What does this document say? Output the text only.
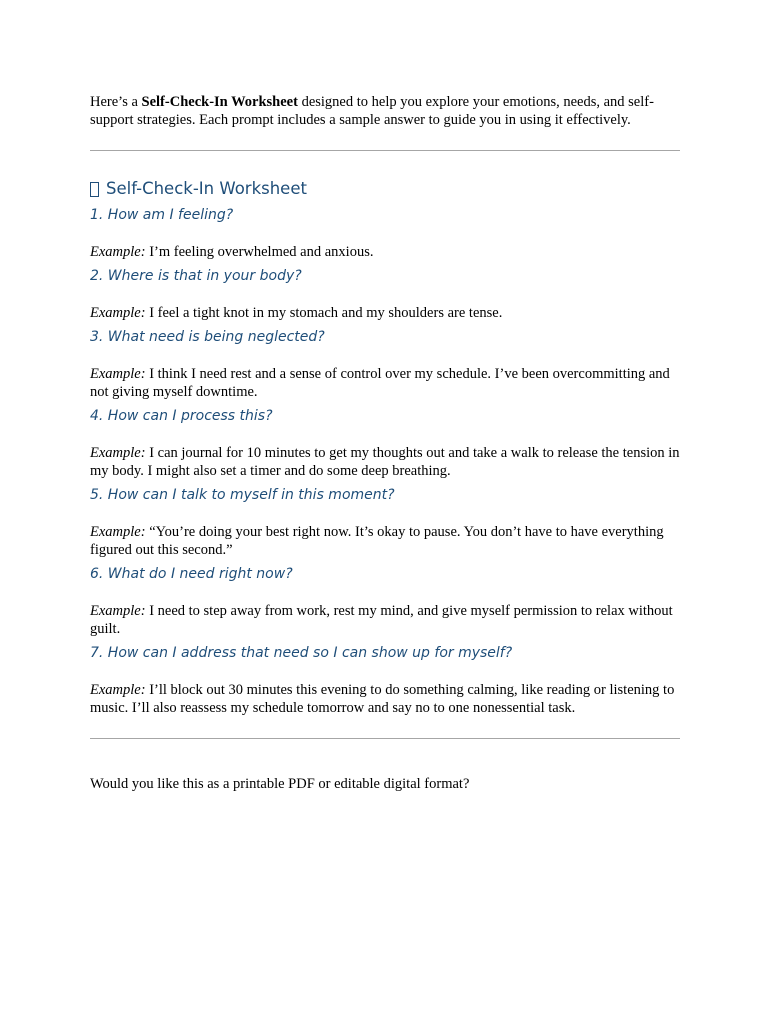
Here’s a Self-Check-In Worksheet designed to help you explore your emotions, needs, and self-support strategies. Each prompt includes a sample answer to guide you in using it effectively.

Self-Check-In Worksheet
1. How am I feeling?

Example: I’m feeling overwhelmed and anxious.

2. Where is that in your body?

Example: I feel a tight knot in my stomach and my shoulders are tense.

3. What need is being neglected?

Example: I think I need rest and a sense of control over my schedule. I’ve been overcommitting and not giving myself downtime.

4. How can I process this?

Example: I can journal for 10 minutes to get my thoughts out and take a walk to release the tension in my body. I might also set a timer and do some deep breathing.

5. How can I talk to myself in this moment?

Example: “You’re doing your best right now. It’s okay to pause. You don’t have to have everything figured out this second.”

6. What do I need right now?

Example: I need to step away from work, rest my mind, and give myself permission to relax without guilt.

7. How can I address that need so I can show up for myself?

Example: I’ll block out 30 minutes this evening to do something calming, like reading or listening to music. I’ll also reassess my schedule tomorrow and say no to one nonessential task.

Would you like this as a printable PDF or editable digital format?
